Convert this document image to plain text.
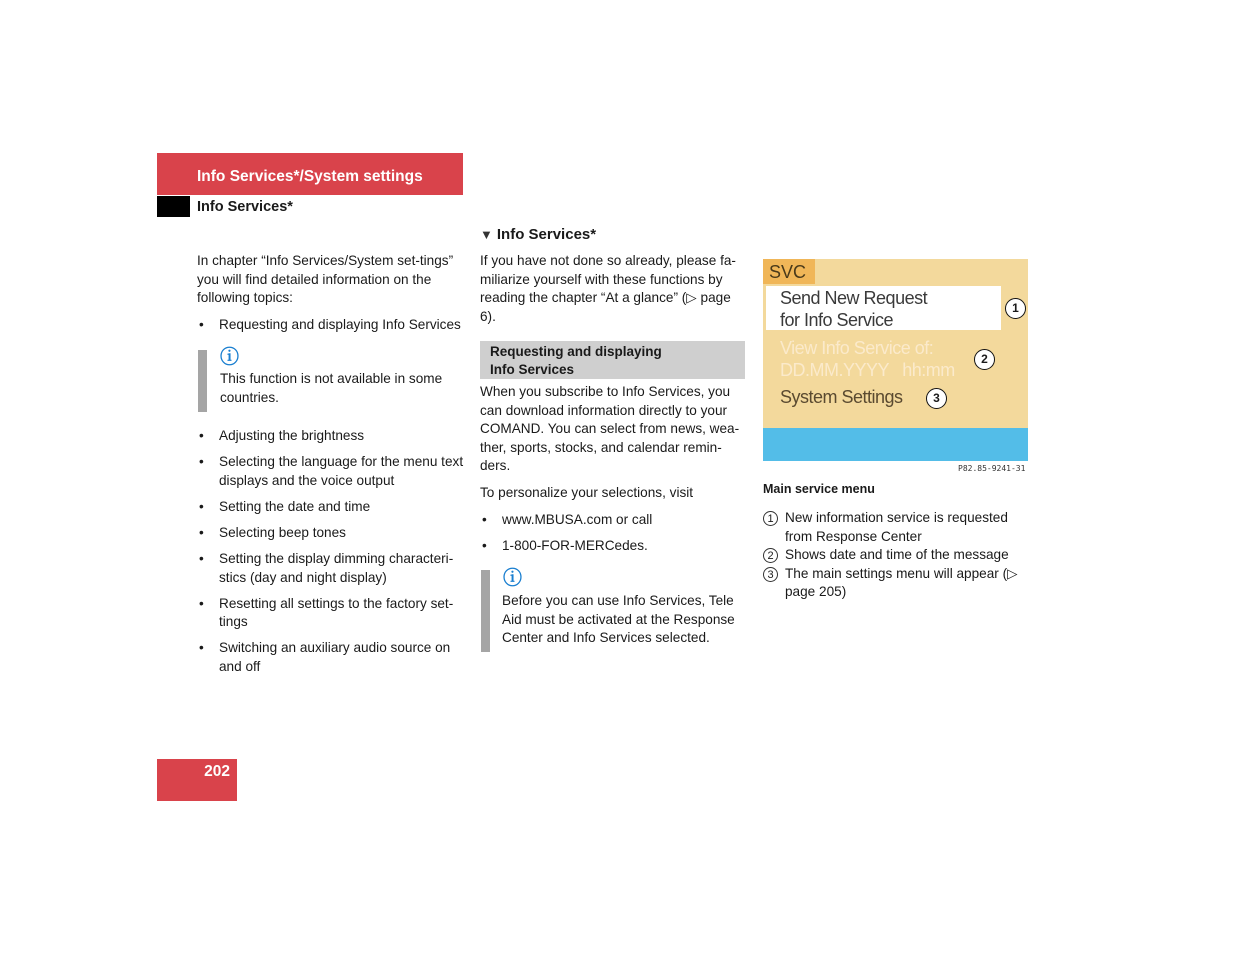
Info Services*/System settings
Info Services*
In chapter “Info Services/System set-tings” you will find detailed information on the following topics:
• Requesting and displaying Info Services
ⓘ
This function is not available in some countries.
• Adjusting the brightness
• Selecting the language for the menu text displays and the voice output
• Setting the date and time
• Selecting beep tones
• Setting the display dimming characteri-stics (day and night display)
• Resetting all settings to the factory set-tings
• Switching an auxiliary audio source on and off
▼ Info Services*
If you have not done so already, please fa-miliarize yourself with these functions by reading the chapter “At a glance” (▷ page 6).
Requesting and displaying
Info Services
When you subscribe to Info Services, you can download information directly to your COMAND. You can select from news, wea-ther, sports, stocks, and calendar remin-ders.
To personalize your selections, visit
• www.MBUSA.com or call
• 1-800-FOR-MERCedes.
ⓘ
Before you can use Info Services, Tele Aid must be activated at the Response Center and Info Services selected.
SVC
Send New Request
for Info Service
View Info Service of:
DD.MM.YYYY   hh:mm
System Settings
1
2
3
P82.85-9241-31
Main service menu
1 New information service is requested from Response Center
2 Shows date and time of the message
3 The main settings menu will appear (▷ page 205)
202
